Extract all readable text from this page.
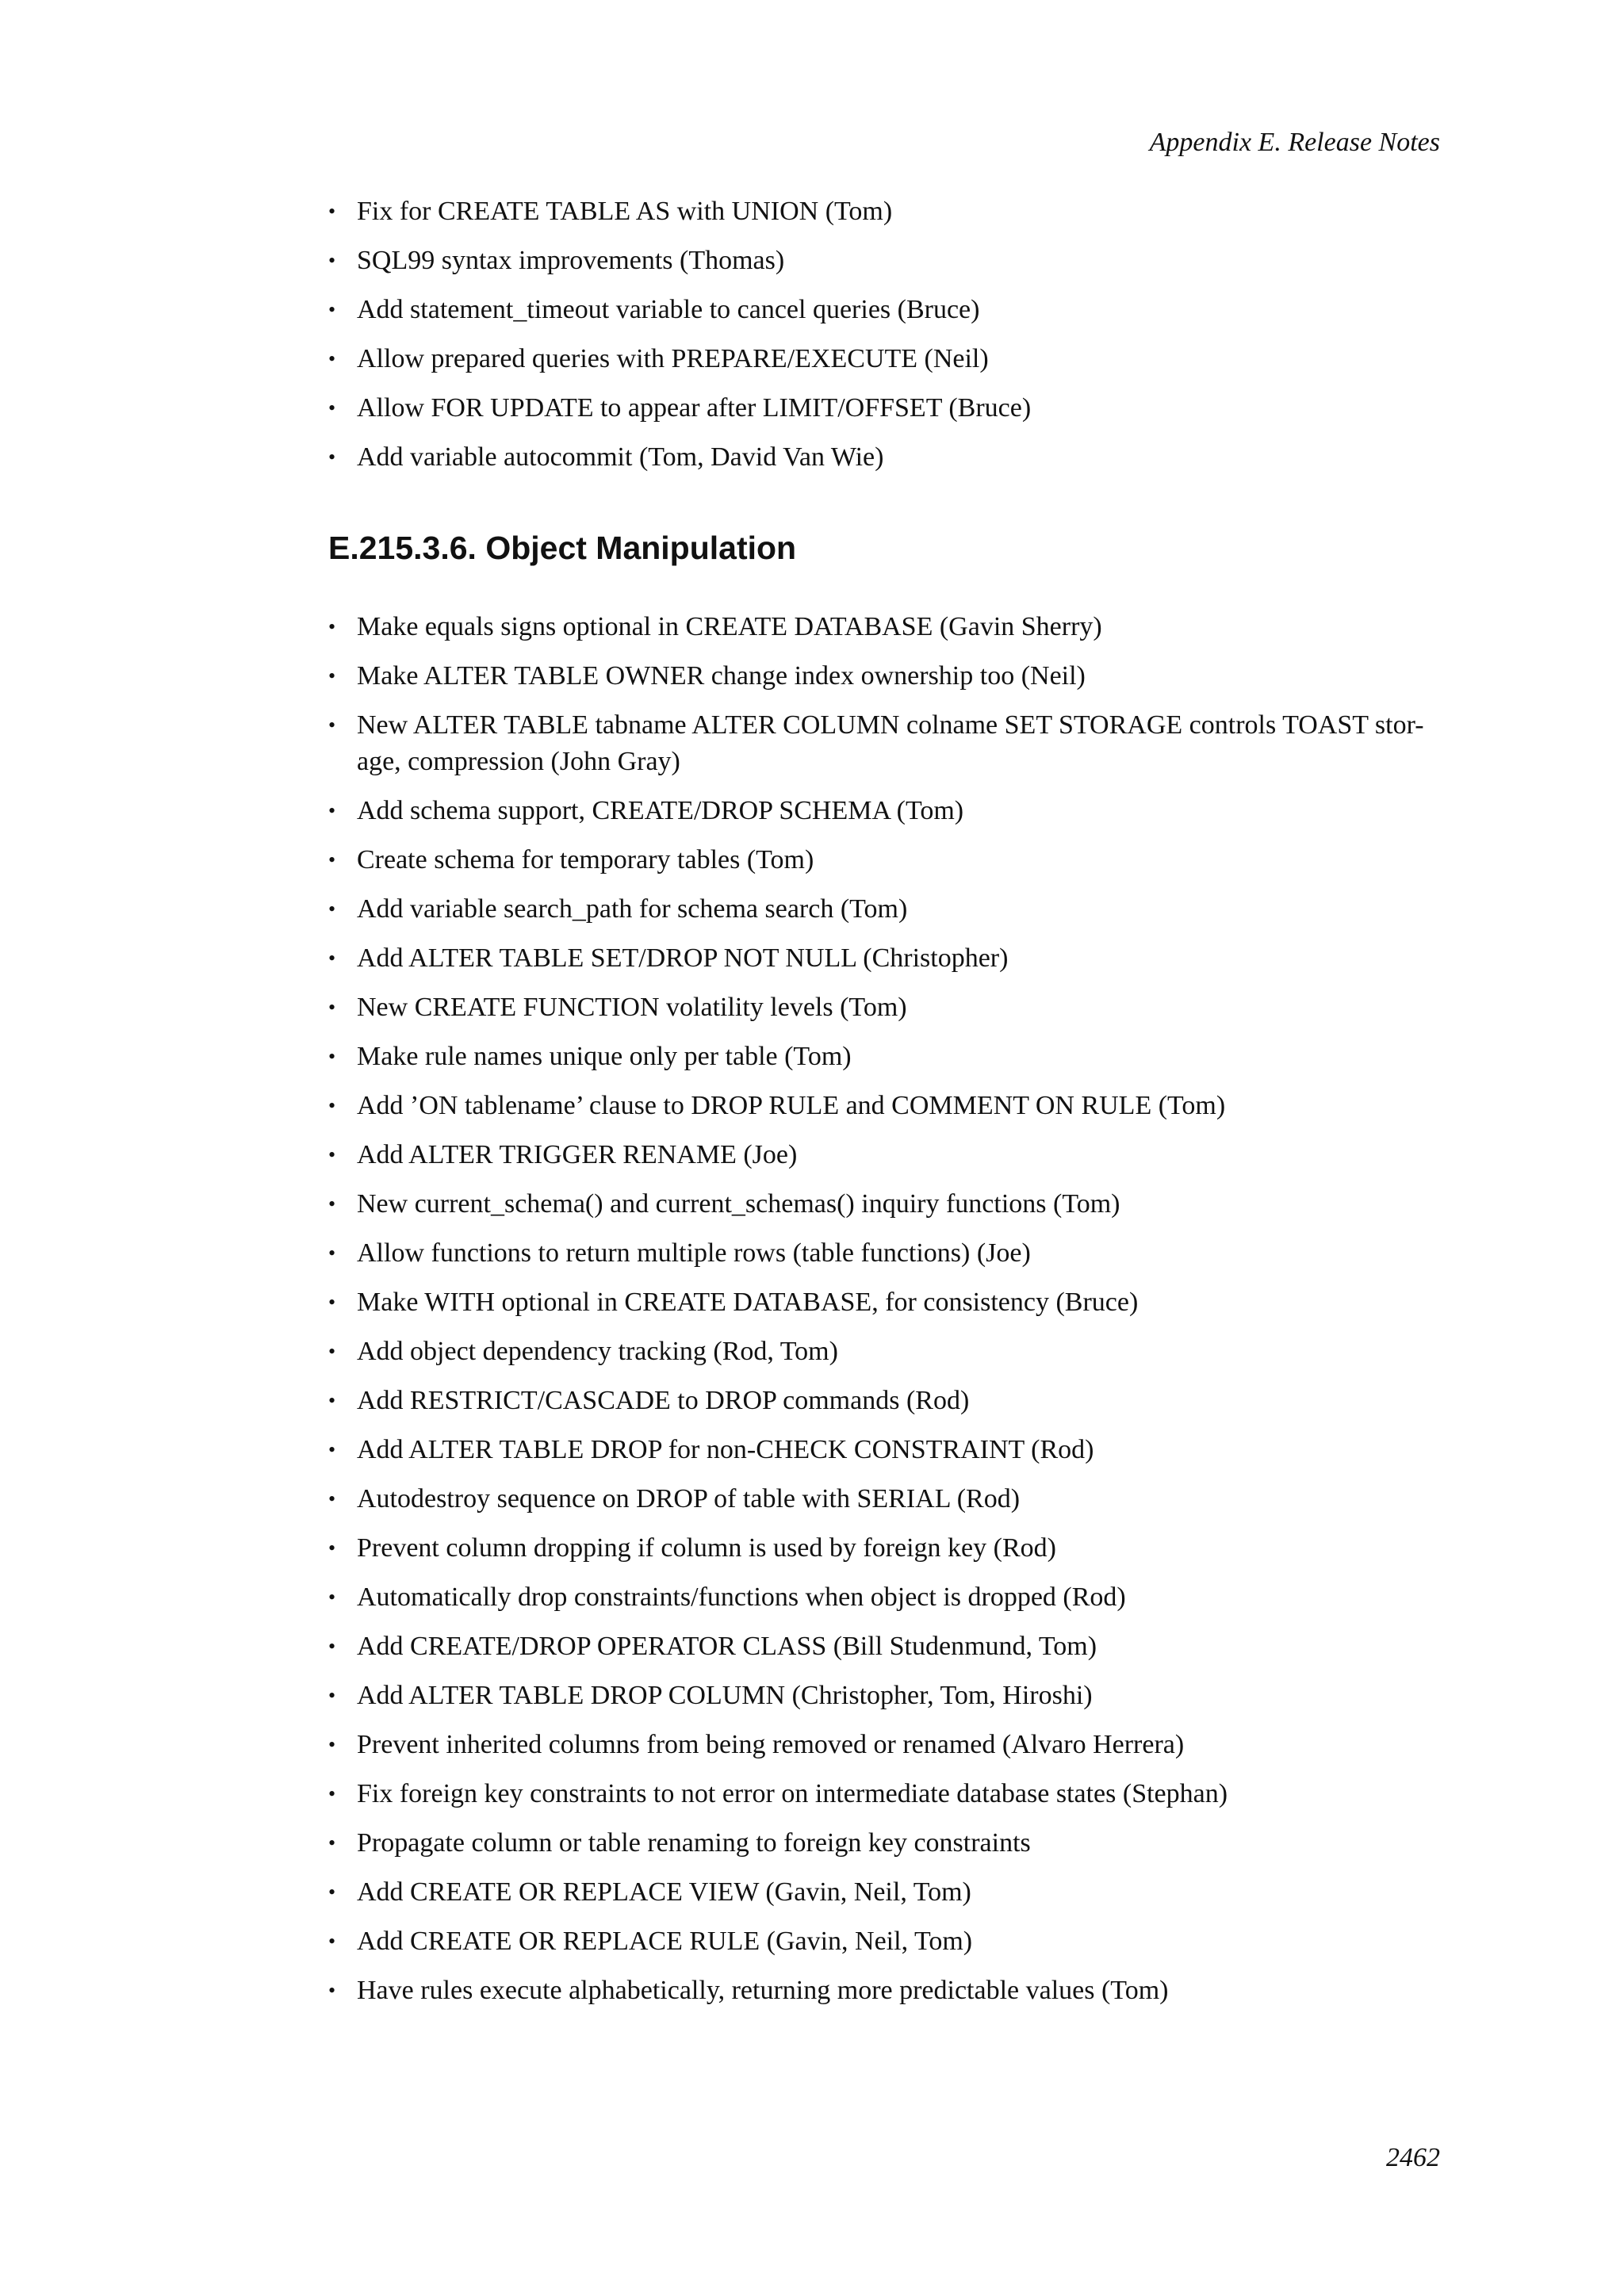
Appendix E. Release Notes
• Fix for CREATE TABLE AS with UNION (Tom)
• SQL99 syntax improvements (Thomas)
• Add statement_timeout variable to cancel queries (Bruce)
• Allow prepared queries with PREPARE/EXECUTE (Neil)
• Allow FOR UPDATE to appear after LIMIT/OFFSET (Bruce)
• Add variable autocommit (Tom, David Van Wie)
E.215.3.6. Object Manipulation
• Make equals signs optional in CREATE DATABASE (Gavin Sherry)
• Make ALTER TABLE OWNER change index ownership too (Neil)
• New ALTER TABLE tabname ALTER COLUMN colname SET STORAGE controls TOAST stor-age, compression (John Gray)
• Add schema support, CREATE/DROP SCHEMA (Tom)
• Create schema for temporary tables (Tom)
• Add variable search_path for schema search (Tom)
• Add ALTER TABLE SET/DROP NOT NULL (Christopher)
• New CREATE FUNCTION volatility levels (Tom)
• Make rule names unique only per table (Tom)
• Add ’ON tablename’ clause to DROP RULE and COMMENT ON RULE (Tom)
• Add ALTER TRIGGER RENAME (Joe)
• New current_schema() and current_schemas() inquiry functions (Tom)
• Allow functions to return multiple rows (table functions) (Joe)
• Make WITH optional in CREATE DATABASE, for consistency (Bruce)
• Add object dependency tracking (Rod, Tom)
• Add RESTRICT/CASCADE to DROP commands (Rod)
• Add ALTER TABLE DROP for non-CHECK CONSTRAINT (Rod)
• Autodestroy sequence on DROP of table with SERIAL (Rod)
• Prevent column dropping if column is used by foreign key (Rod)
• Automatically drop constraints/functions when object is dropped (Rod)
• Add CREATE/DROP OPERATOR CLASS (Bill Studenmund, Tom)
• Add ALTER TABLE DROP COLUMN (Christopher, Tom, Hiroshi)
• Prevent inherited columns from being removed or renamed (Alvaro Herrera)
• Fix foreign key constraints to not error on intermediate database states (Stephan)
• Propagate column or table renaming to foreign key constraints
• Add CREATE OR REPLACE VIEW (Gavin, Neil, Tom)
• Add CREATE OR REPLACE RULE (Gavin, Neil, Tom)
• Have rules execute alphabetically, returning more predictable values (Tom)
2462
